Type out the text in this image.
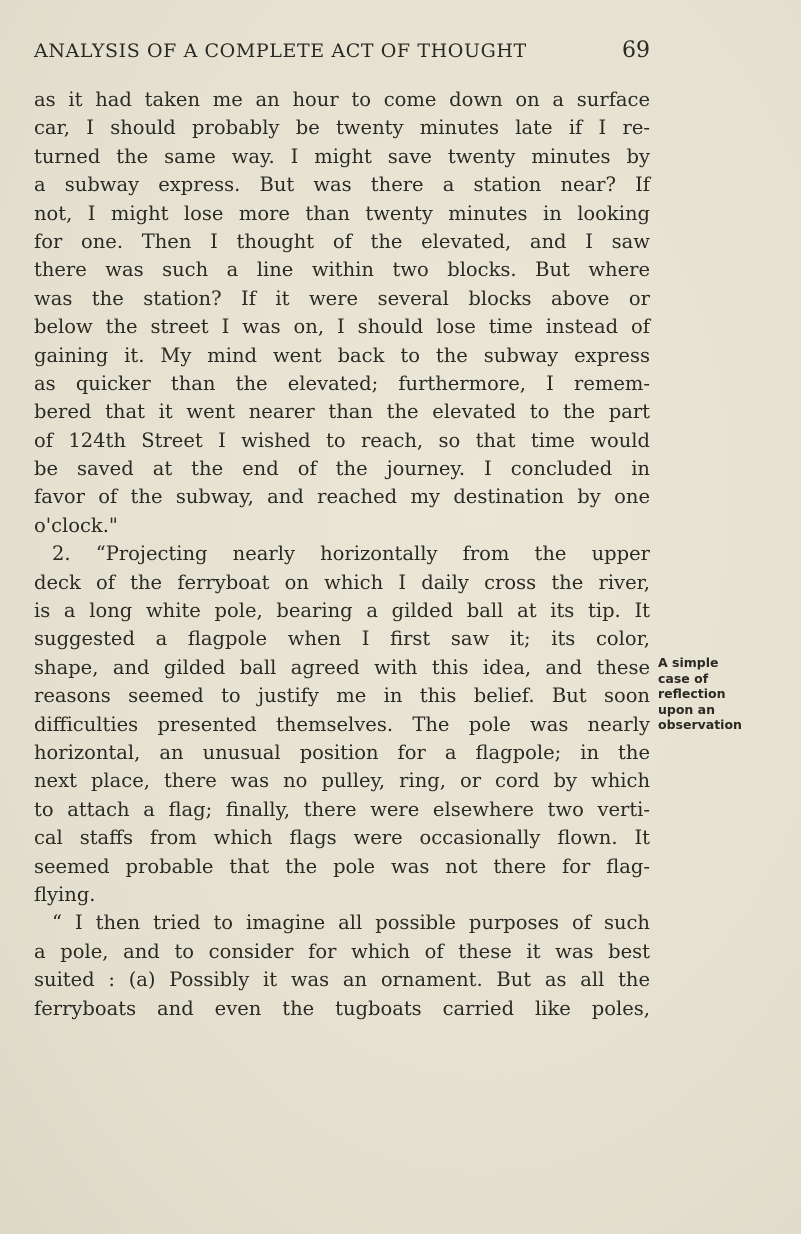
ANALYSIS OF A COMPLETE ACT OF THOUGHT	69
as it had taken me an hour to come down on a surface
car, I should probably be twenty minutes late if I re-
turned the same way. I might save twenty minutes by
a subway express. But was there a station near? If
not, I might lose more than twenty minutes in looking
for one. Then I thought of the elevated, and I saw
there was such a line within two blocks. But where
was the station? If it were several blocks above or
below the street I was on, I should lose time instead of
gaining it. My mind went back to the subway express
as quicker than the elevated; furthermore, I remem-
bered that it went nearer than the elevated to the part
of 124th Street I wished to reach, so that time would
be saved at the end of the journey. I concluded in
favor of the subway, and reached my destination by one
o'clock."
2. “Projecting nearly horizontally from the upper
deck of the ferryboat on which I daily cross the river,
is a long white pole, bearing a gilded ball at its tip. It
suggested a flagpole when I first saw it; its color,
shape, and gilded ball agreed with this idea, and these
reasons seemed to justify me in this belief. But soon
difficulties presented themselves. The pole was nearly
horizontal, an unusual position for a flagpole; in the
next place, there was no pulley, ring, or cord by which
to attach a flag; finally, there were elsewhere two verti-
cal staffs from which flags were occasionally flown. It
seemed probable that the pole was not there for flag-
flying.
“ I then tried to imagine all possible purposes of such
a pole, and to consider for which of these it was best
suited : (a) Possibly it was an ornament. But as all the
ferryboats and even the tugboats carried like poles,
A simple
case of
reflection
upon an
observation
